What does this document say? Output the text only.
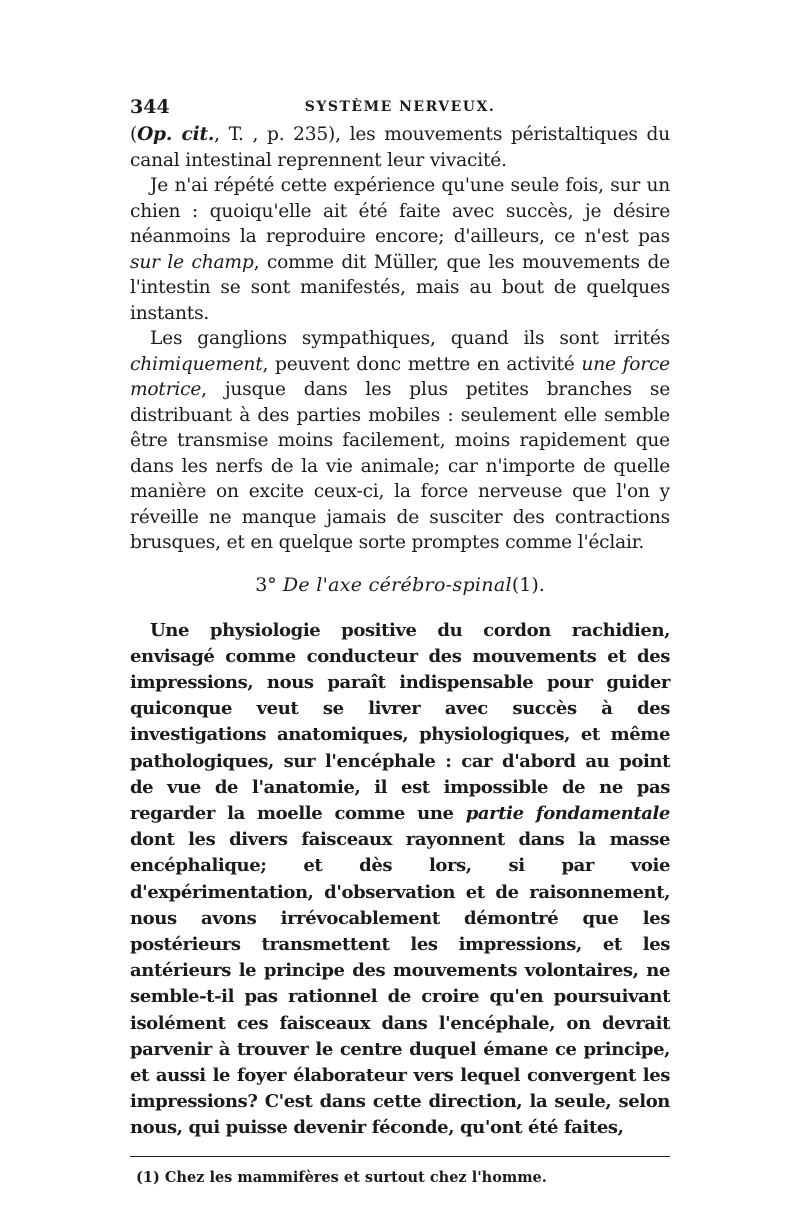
344	SYSTÈME NERVEUX.

(Op. cit., T. , p. 235), les mouvements péristaltiques du canal intestinal reprennent leur vivacité.

Je n'ai répété cette expérience qu'une seule fois, sur un chien : quoiqu'elle ait été faite avec succès, je désire néanmoins la reproduire encore; d'ailleurs, ce n'est pas sur le champ, comme dit Müller, que les mouvements de l'intestin se sont manifestés, mais au bout de quelques instants.

Les ganglions sympathiques, quand ils sont irrités chimiquement, peuvent donc mettre en activité une force motrice, jusque dans les plus petites branches se distribuant à des parties mobiles : seulement elle semble être transmise moins facilement, moins rapidement que dans les nerfs de la vie animale; car n'importe de quelle manière on excite ceux-ci, la force nerveuse que l'on y réveille ne manque jamais de susciter des contractions brusques, et en quelque sorte promptes comme l'éclair.

3° De l'axe cérébro-spinal(1).

Une physiologie positive du cordon rachidien, envisagé comme conducteur des mouvements et des impressions, nous paraît indispensable pour guider quiconque veut se livrer avec succès à des investigations anatomiques, physiologiques, et même pathologiques, sur l'encéphale : car d'abord au point de vue de l'anatomie, il est impossible de ne pas regarder la moelle comme une partie fondamentale dont les divers faisceaux rayonnent dans la masse encéphalique; et dès lors, si par voie d'expérimentation, d'observation et de raisonnement, nous avons irrévocablement démontré que les postérieurs transmettent les impressions, et les antérieurs le principe des mouvements volontaires, ne semble-t-il pas rationnel de croire qu'en poursuivant isolément ces faisceaux dans l'encéphale, on devrait parvenir à trouver le centre duquel émane ce principe, et aussi le foyer élaborateur vers lequel convergent les impressions? C'est dans cette direction, la seule, selon nous, qui puisse devenir féconde, qu'ont été faites,

(1) Chez les mammifères et surtout chez l'homme.
